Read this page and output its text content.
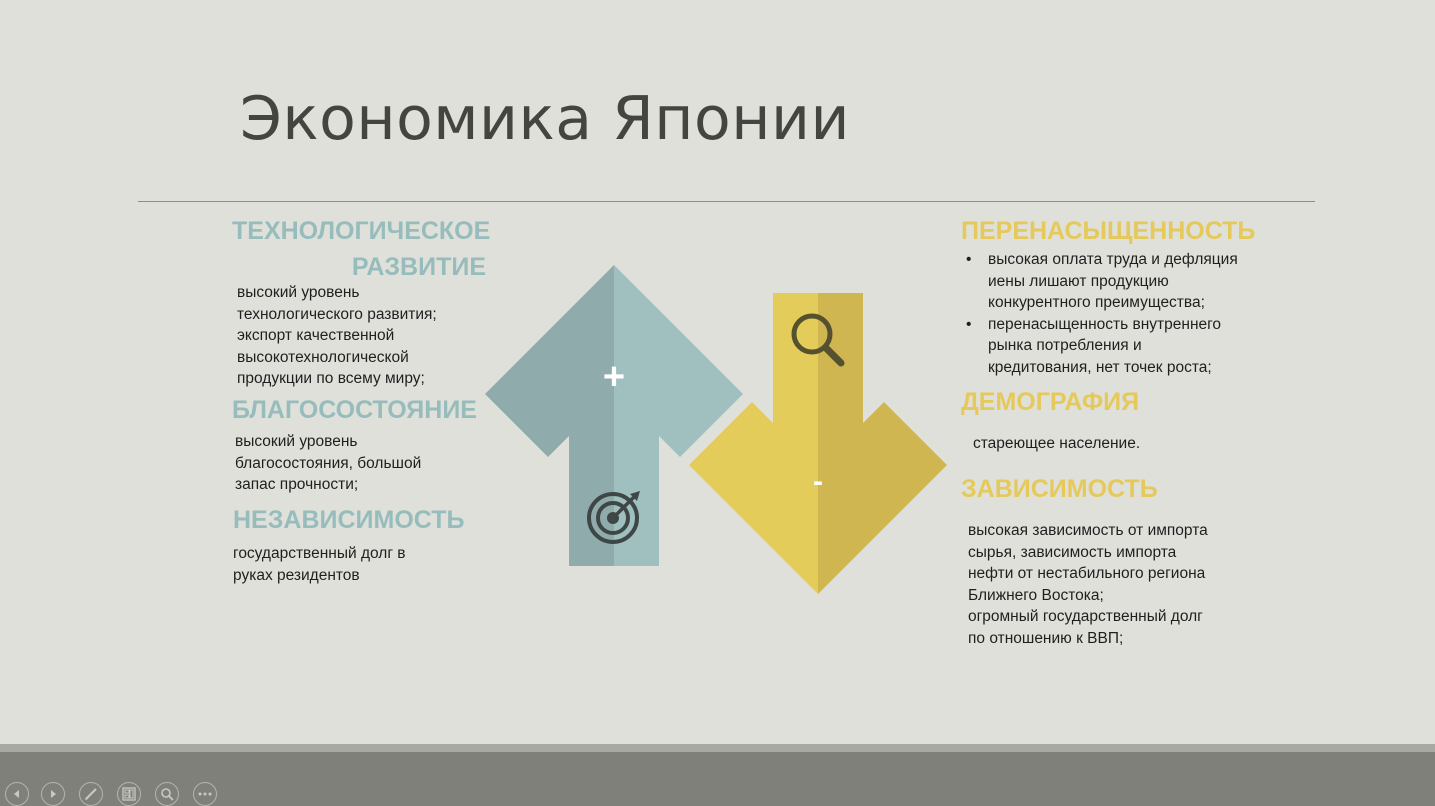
Экономика Японии
ТЕХНОЛОГИЧЕСКОЕ
РАЗВИТИЕ

высокий уровень

технологического развития;

экспорт качественной

высокотехнологической

продукции по всему миру;

БЛАГОСОСТОЯНИЕ

высокий уровень

благосостояния, большой

запас прочности;

НЕЗАВИСИМОСТЬ

государственный долг в

руках резидентов

+
-
ПЕРЕНАСЫЩЕННОСТЬ
• высокая оплата труда и дефляция
иены лишают продукцию
конкурентного преимущества;
• перенасыщенность внутреннего
рынка потребления и
кредитования, нет точек роста;
ДЕМОГРАФИЯ

стареющее население.

ЗАВИСИМОСТЬ

высокая зависимость от импорта

сырья, зависимость импорта

нефти от нестабильного региона

Ближнего Востока;

огромный государственный долг

по отношению к ВВП;
